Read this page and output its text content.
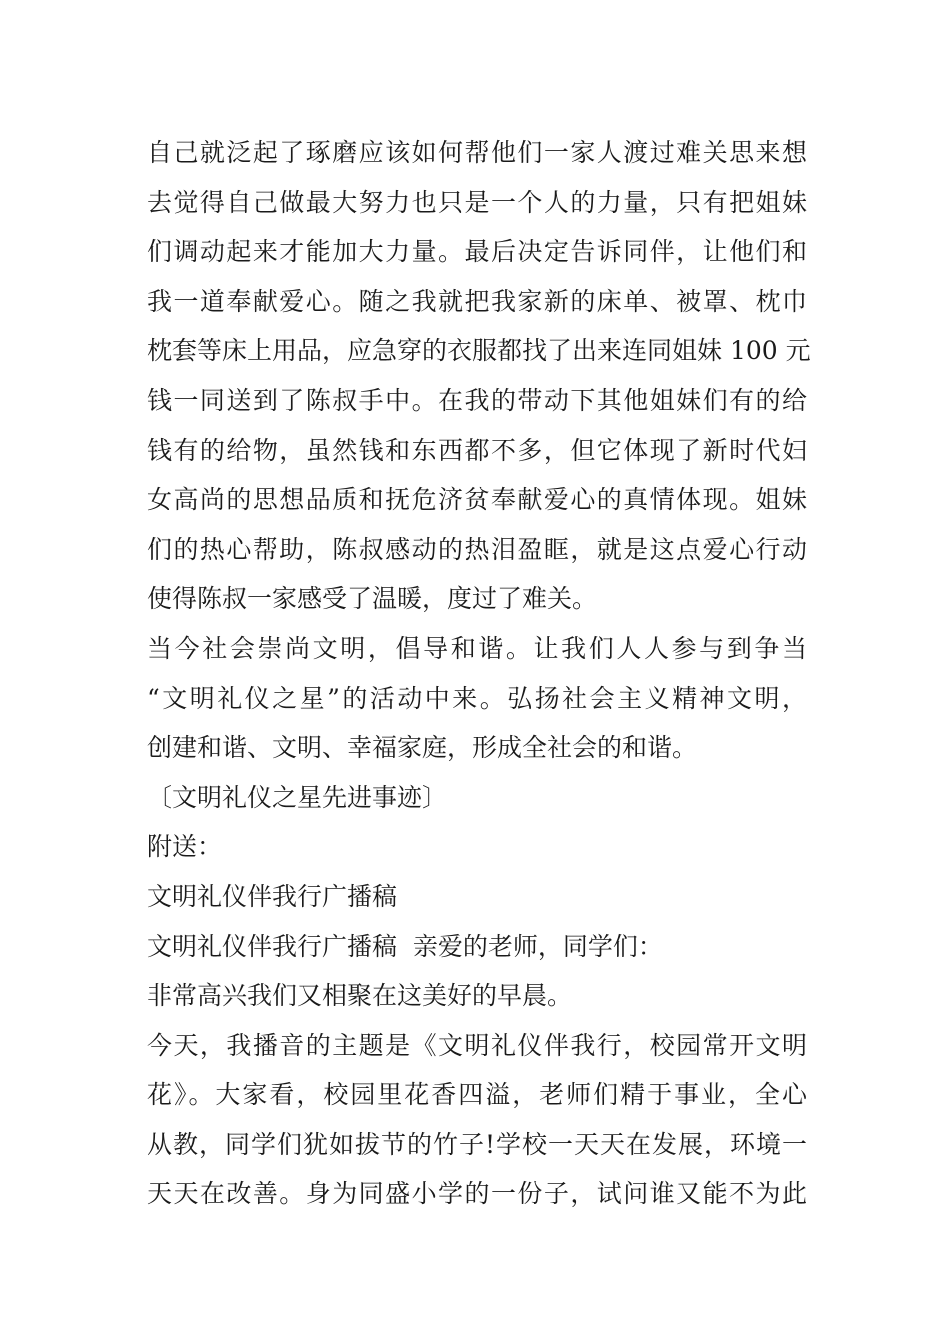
自己就泛起了琢磨应该如何帮他们一家人渡过难关思来想
去觉得自己做最大努力也只是一个人的力量，只有把姐妹
们调动起来才能加大力量。最后决定告诉同伴，让他们和
我一道奉献爱心。随之我就把我家新的床单、被罩、枕巾
枕套等床上用品，应急穿的衣服都找了出来连同姐妹 100 元
钱一同送到了陈叔手中。在我的带动下其他姐妹们有的给
钱有的给物，虽然钱和东西都不多，但它体现了新时代妇
女高尚的思想品质和抚危济贫奉献爱心的真情体现。姐妹
们的热心帮助，陈叔感动的热泪盈眶，就是这点爱心行动
使得陈叔一家感受了温暖，度过了难关。
当今社会崇尚文明，倡导和谐。让我们人人参与到争当
“文明礼仪之星”的活动中来。弘扬社会主义精神文明，
创建和谐、文明、幸福家庭，形成全社会的和谐。
〔文明礼仪之星先进事迹〕
附送：
文明礼仪伴我行广播稿
文明礼仪伴我行广播稿  亲爱的老师，同学们：
非常高兴我们又相聚在这美好的早晨。
今天，我播音的主题是《文明礼仪伴我行，校园常开文明
花》。大家看，校园里花香四溢，老师们精于事业，全心
从教，同学们犹如拔节的竹子!学校一天天在发展，环境一
天天在改善。身为同盛小学的一份子，试问谁又能不为此
